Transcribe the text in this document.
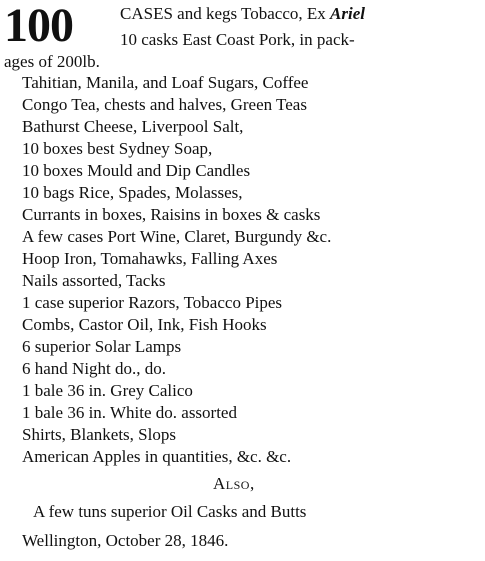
100	CASES and kegs Tobacco, Ex Ariel
10 casks East Coast Pork, in pack-
ages of 200lb.
Tahitian, Manila, and Loaf Sugars, Coffee
Congo Tea, chests and halves, Green Teas
Bathurst Cheese, Liverpool Salt,
10 boxes best Sydney Soap,
10 boxes Mould and Dip Candles
10 bags Rice, Spades, Molasses,
Currants in boxes, Raisins in boxes & casks
A few cases Port Wine, Claret, Burgundy &c.
Hoop Iron, Tomahawks, Falling Axes
Nails assorted, Tacks
1 case superior Razors, Tobacco Pipes
Combs, Castor Oil, Ink, Fish Hooks
6 superior Solar Lamps
6 hand Night do., do.
1 bale 36 in. Grey Calico
1 bale 36 in. White do. assorted
Shirts, Blankets, Slops
American Apples in quantities, &c. &c.
Also,
A few tuns superior Oil Casks and Butts
Wellington, October 28, 1846.
